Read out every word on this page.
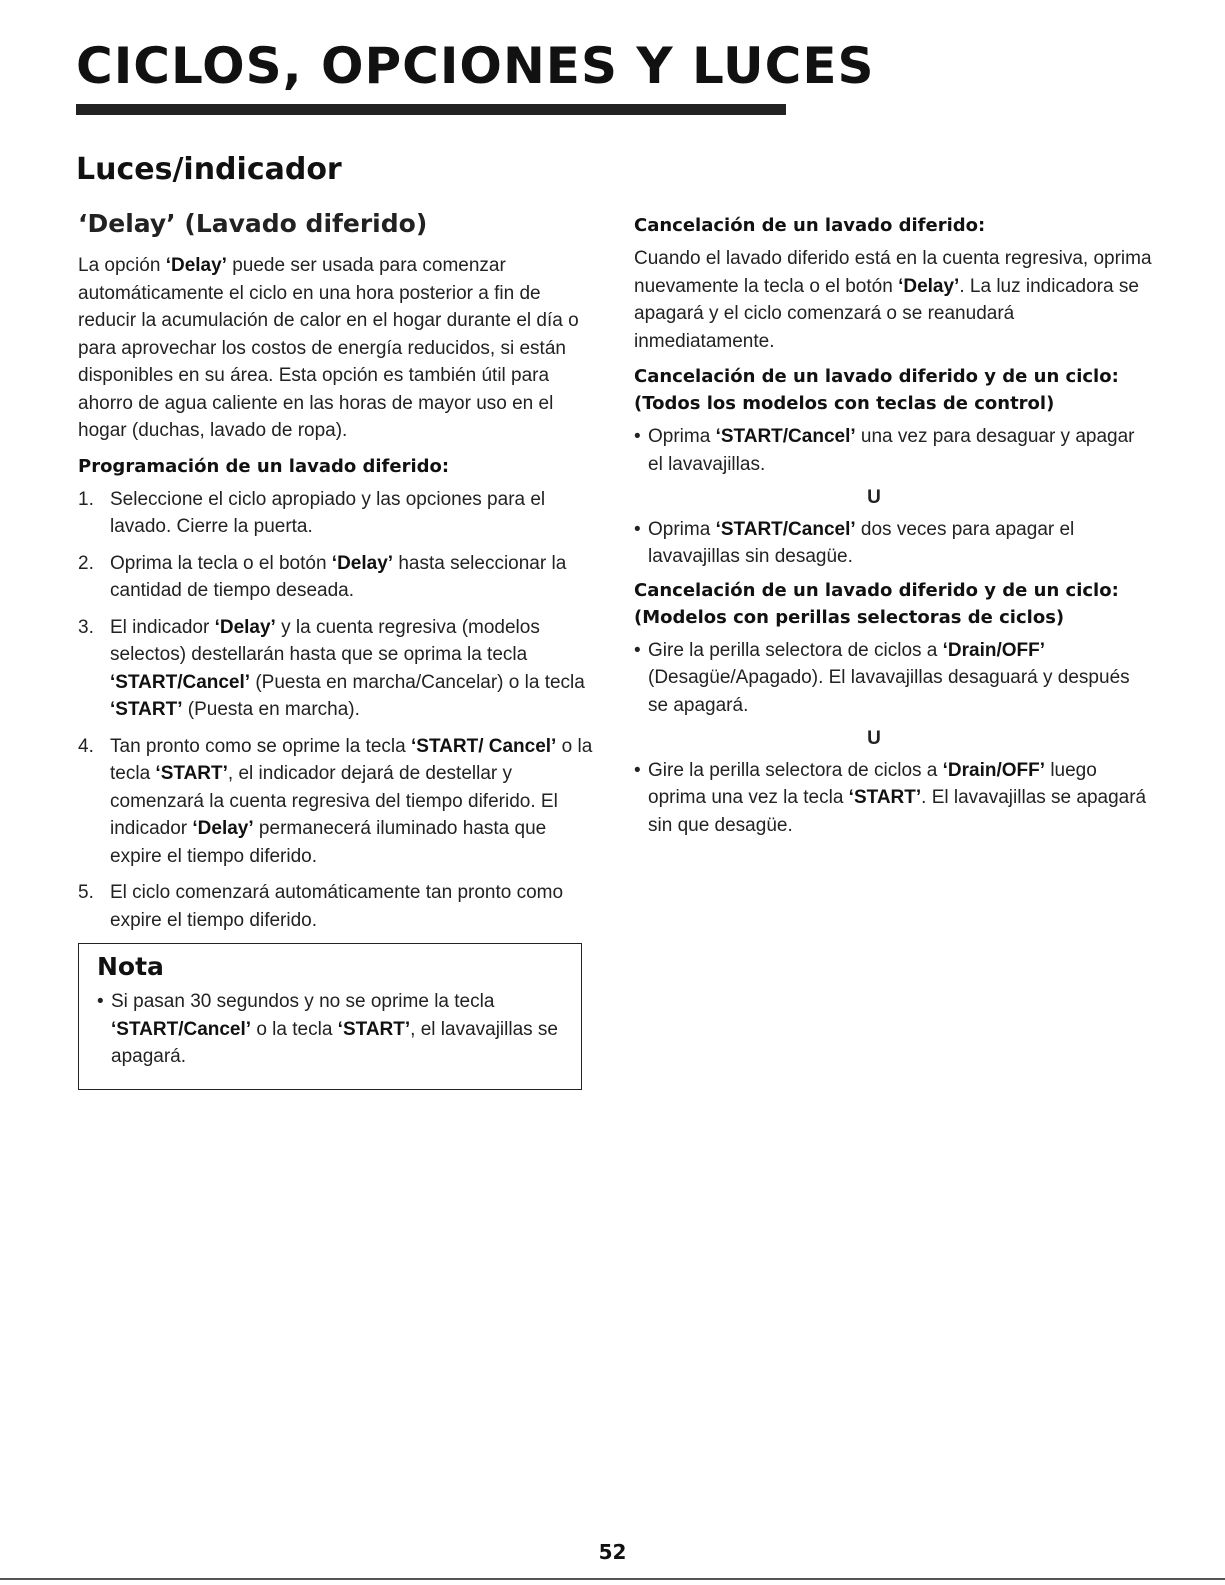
CICLOS, OPCIONES Y LUCES
Luces/indicador
‘Delay’ (Lavado diferido)

La opción ‘Delay’ puede ser usada para comenzar automáticamente el ciclo en una hora posterior a fin de reducir la acumulación de calor en el hogar durante el día o para aprovechar los costos de energía reducidos, si están disponibles en su área. Esta opción es también útil para ahorro de agua caliente en las horas de mayor uso en el hogar (duchas, lavado de ropa).

Programación de un lavado diferido:
1. Seleccione el ciclo apropiado y las opciones para el lavado. Cierre la puerta.
2. Oprima la tecla o el botón ‘Delay’ hasta seleccionar la cantidad de tiempo deseada.
3. El indicador ‘Delay’ y la cuenta regresiva (modelos selectos) destellarán hasta que se oprima la tecla ‘START/Cancel’ (Puesta en marcha/Cancelar) o la tecla ‘START’ (Puesta en marcha).
4. Tan pronto como se oprime la tecla ‘START/ Cancel’ o la tecla ‘START’, el indicador dejará de destellar y comenzará la cuenta regresiva del tiempo diferido. El indicador ‘Delay’ permanecerá iluminado hasta que expire el tiempo diferido.
5. El ciclo comenzará automáticamente tan pronto como expire el tiempo diferido.
Nota
• Si pasan 30 segundos y no se oprime la tecla ‘START/Cancel’ o la tecla ‘START’, el lavavajillas se apagará.
Cancelación de un lavado diferido:

Cuando el lavado diferido está en la cuenta regresiva, oprima nuevamente la tecla o el botón ‘Delay’. La luz indicadora se apagará y el ciclo comenzará o se reanudará inmediatamente.

Cancelación de un lavado diferido y de un ciclo:
(Todos los modelos con teclas de control)
• Oprima ‘START/Cancel’ una vez para desaguar y apagar el lavavajillas.
U
• Oprima ‘START/Cancel’ dos veces para apagar el lavavajillas sin desagüe.
Cancelación de un lavado diferido y de un ciclo:
(Modelos con perillas selectoras de ciclos)
• Gire la perilla selectora de ciclos a ‘Drain/OFF’ (Desagüe/Apagado). El lavavajillas desaguará y después se apagará.
U
• Gire la perilla selectora de ciclos a ‘Drain/OFF’ luego oprima una vez la tecla ‘START’. El lavavajillas se apagará sin que desagüe.
52
